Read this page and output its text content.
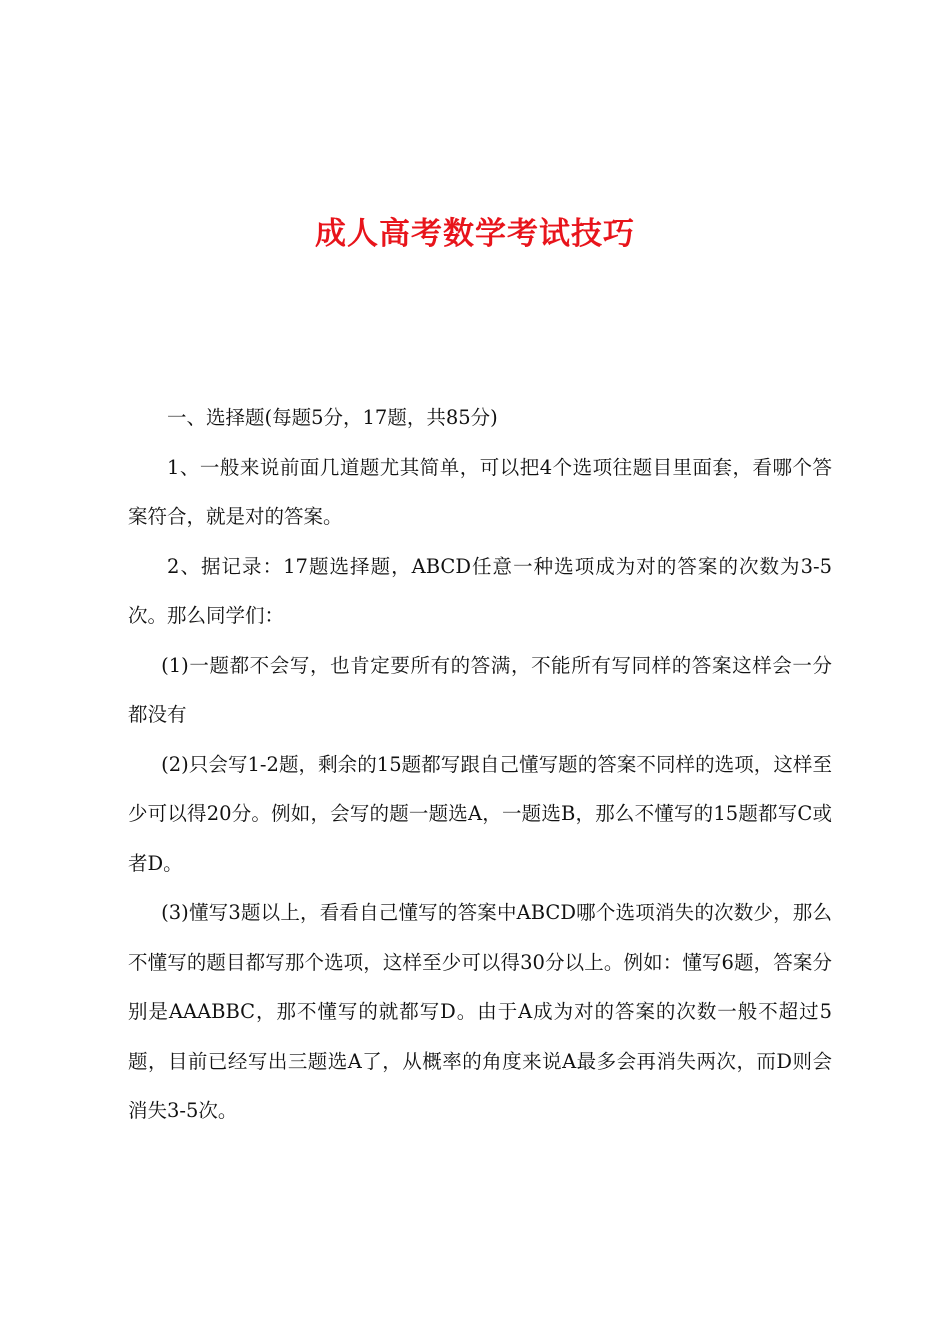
成人高考数学考试技巧

一、选择题(每题5分，17题，共85分)

1、一般来说前面几道题尤其简单，可以把4个选项往题目里面套，看哪个答案符合，就是对的答案。

2、据记录：17题选择题，ABCD任意一种选项成为对的答案的次数为3-5次。那么同学们：

(1)一题都不会写，也肯定要所有的答满，不能所有写同样的答案这样会一分都没有

(2)只会写1-2题，剩余的15题都写跟自己懂写题的答案不同样的选项，这样至少可以得20分。例如，会写的题一题选A，一题选B，那么不懂写的15题都写C或者D。

(3)懂写3题以上，看看自己懂写的答案中ABCD哪个选项消失的次数少，那么不懂写的题目都写那个选项，这样至少可以得30分以上。例如：懂写6题，答案分别是AAABBC，那不懂写的就都写D。由于A成为对的答案的次数一般不超过5题，目前已经写出三题选A了，从概率的角度来说A最多会再消失两次，而D则会消失3-5次。
